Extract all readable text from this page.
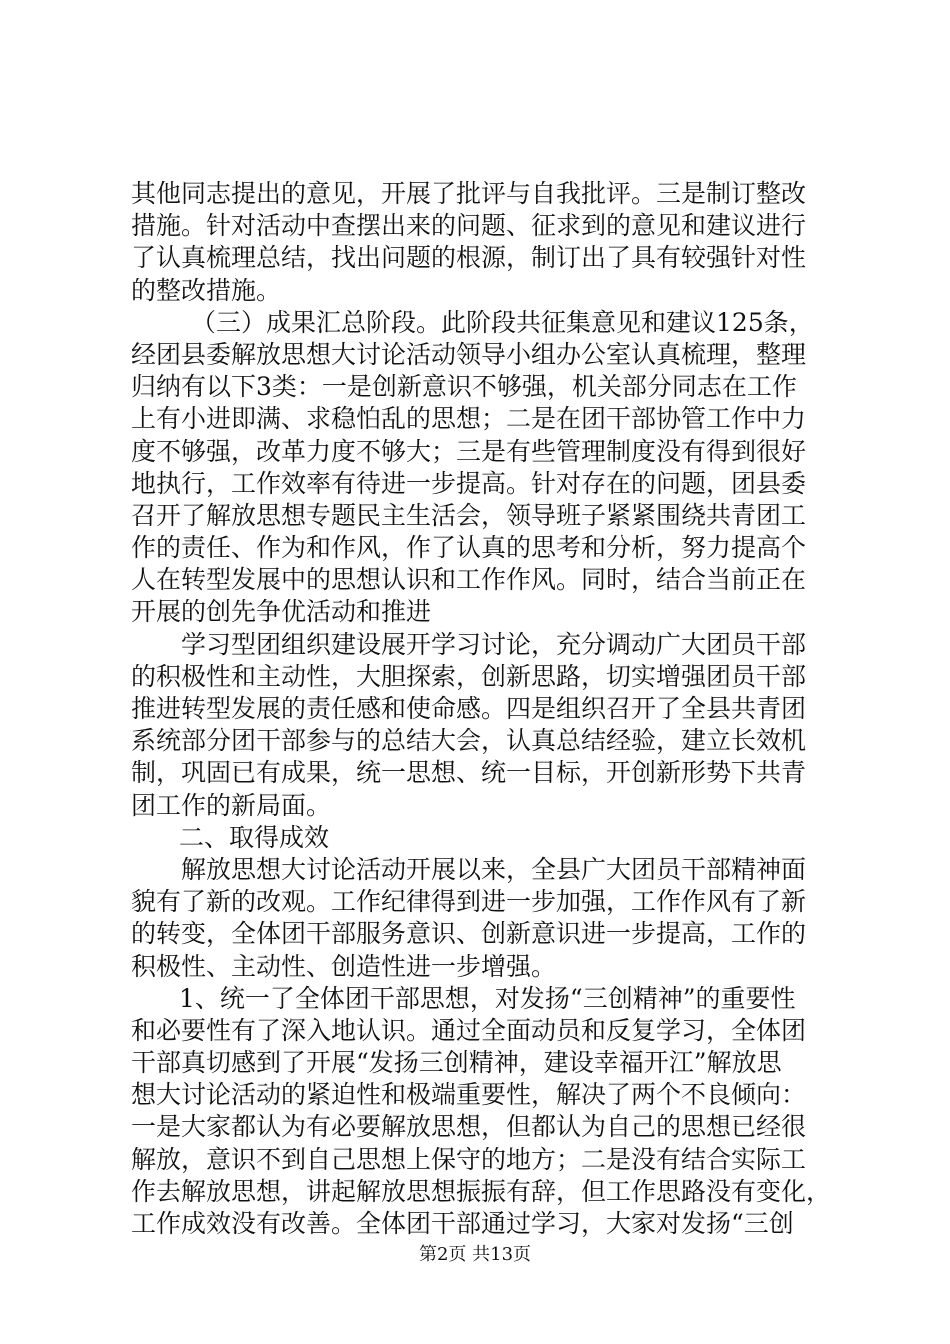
其他同志提出的意见，开展了批评与自我批评。三是制订整改
措施。针对活动中查摆出来的问题、征求到的意见和建议进行
了认真梳理总结，找出问题的根源，制订出了具有较强针对性
的整改措施。
（三）成果汇总阶段。此阶段共征集意见和建议125条，
经团县委解放思想大讨论活动领导小组办公室认真梳理，整理
归纳有以下3类：一是创新意识不够强，机关部分同志在工作
上有小进即满、求稳怕乱的思想；二是在团干部协管工作中力
度不够强，改革力度不够大；三是有些管理制度没有得到很好
地执行，工作效率有待进一步提高。针对存在的问题，团县委
召开了解放思想专题民主生活会，领导班子紧紧围绕共青团工
作的责任、作为和作风，作了认真的思考和分析，努力提高个
人在转型发展中的思想认识和工作作风。同时，结合当前正在
开展的创先争优活动和推进
学习型团组织建设展开学习讨论，充分调动广大团员干部
的积极性和主动性，大胆探索，创新思路，切实增强团员干部
推进转型发展的责任感和使命感。四是组织召开了全县共青团
系统部分团干部参与的总结大会，认真总结经验，建立长效机
制，巩固已有成果，统一思想、统一目标，开创新形势下共青
团工作的新局面。
二、取得成效
解放思想大讨论活动开展以来，全县广大团员干部精神面
貌有了新的改观。工作纪律得到进一步加强，工作作风有了新
的转变，全体团干部服务意识、创新意识进一步提高，工作的
积极性、主动性、创造性进一步增强。
1、统一了全体团干部思想，对发扬“三创精神”的重要性
和必要性有了深入地认识。通过全面动员和反复学习，全体团
干部真切感到了开展“发扬三创精神，建设幸福开江”解放思
想大讨论活动的紧迫性和极端重要性，解决了两个不良倾向：
一是大家都认为有必要解放思想，但都认为自己的思想已经很
解放，意识不到自己思想上保守的地方；二是没有结合实际工
作去解放思想，讲起解放思想振振有辞，但工作思路没有变化，
工作成效没有改善。全体团干部通过学习，大家对发扬“三创
第2页 共13页
